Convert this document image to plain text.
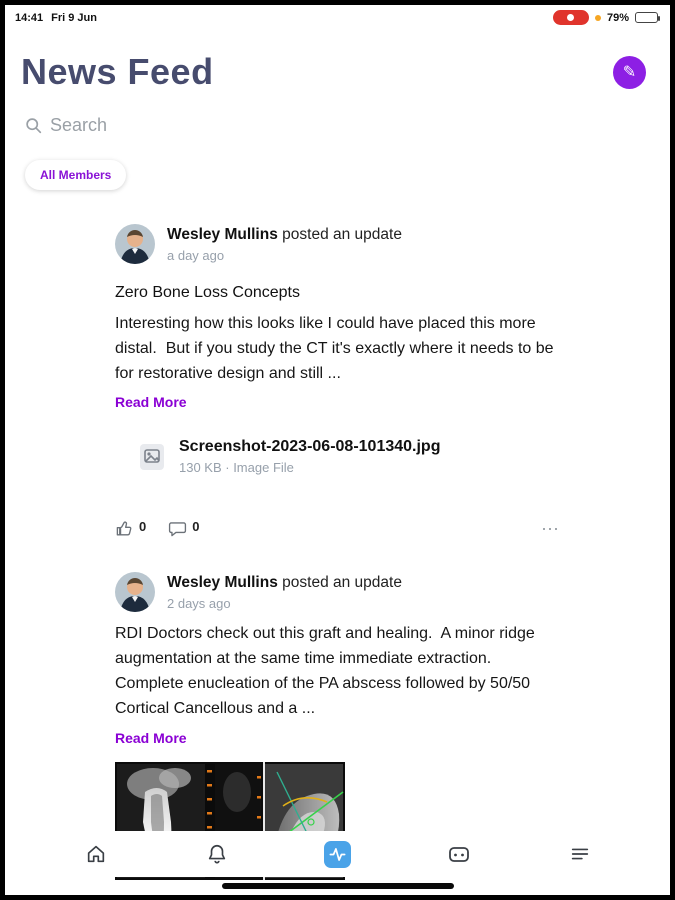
14:41 Fri 9 Jun	79%
News Feed	✎
Search
All Members
Wesley Mullins posted an update
a day ago
Zero Bone Loss Concepts
Interesting how this looks like I could have placed this more distal.  But if you study the CT it's exactly where it needs to be for restorative design and still ...
Read More
Screenshot-2023-06-08-101340.jpg
130 KB · Image File
0	0	⋯
Wesley Mullins posted an update
2 days ago
RDI Doctors check out this graft and healing.  A minor ridge augmentation at the same time immediate extraction.  Complete enucleation of the PA abscess followed by 50/50 Cortical Cancellous and a ...
Read More
